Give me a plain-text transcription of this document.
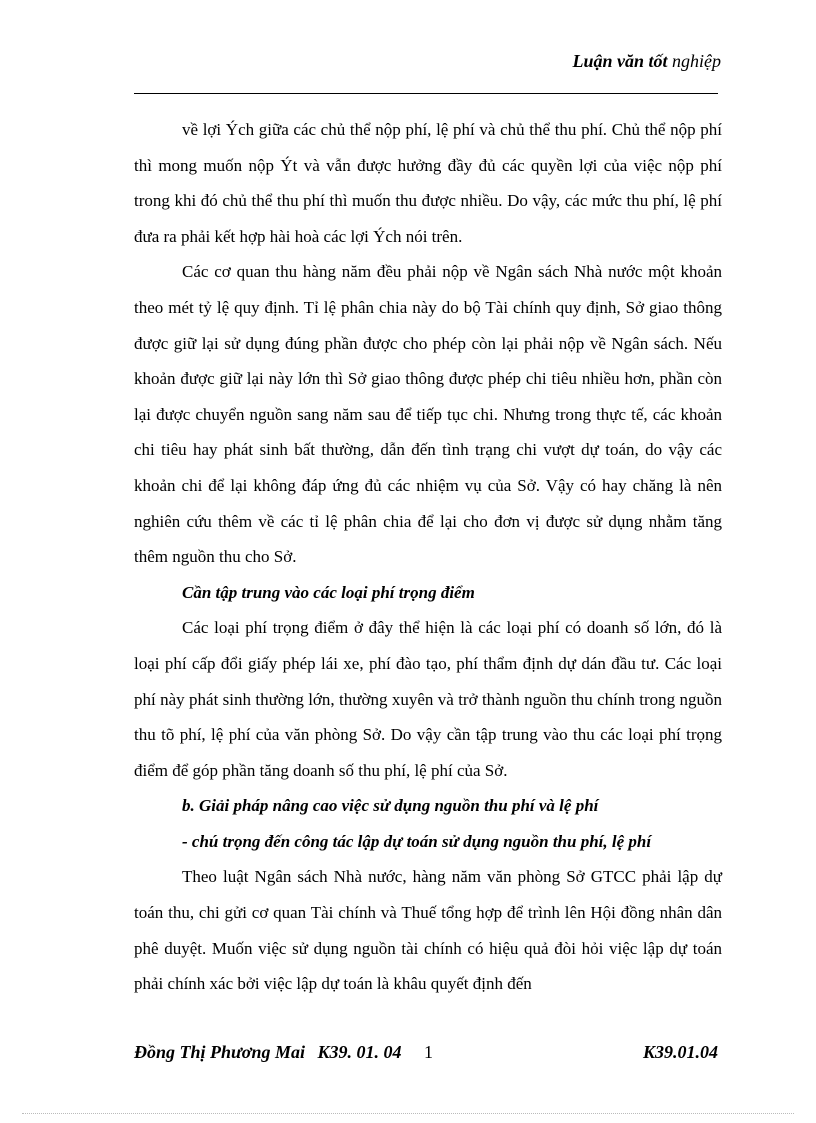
Luận văn tốt nghiệp

về lợi Ých giữa các chủ thể nộp phí, lệ phí và chủ thể thu phí. Chủ thể nộp phí thì mong muốn nộp Ýt và vẫn được hưởng đầy đủ các quyền lợi của việc nộp phí trong khi đó chủ thể thu phí thì muốn thu được nhiều. Do vậy, các mức thu phí, lệ phí đưa ra phải kết hợp hài hoà các lợi Ých nói trên.

Các cơ quan thu hàng năm đều phải nộp về Ngân sách Nhà nước một khoản theo mét tỷ lệ quy định. Tỉ lệ phân chia này do bộ Tài chính quy định, Sở giao thông được giữ lại sử dụng đúng phần được cho phép còn lại phải nộp về Ngân sách. Nếu khoản được giữ lại này lớn thì Sở giao thông được phép chi tiêu nhiều hơn, phần còn lại được chuyển nguồn sang năm sau để tiếp tục chi. Nhưng trong thực tế, các khoản chi tiêu hay phát sinh bất thường, dẫn đến tình trạng chi vượt dự toán, do vậy các khoản chi để lại không đáp ứng đủ các nhiệm vụ của Sở. Vậy có hay chăng là nên nghiên cứu thêm về các tỉ lệ phân chia để lại cho đơn vị được sử dụng nhằm tăng thêm nguồn thu cho Sở.

Cần tập trung vào các loại phí trọng điểm

Các loại phí trọng điểm ở đây thể hiện là các loại phí có doanh số lớn, đó là loại phí cấp đổi giấy phép lái xe, phí đào tạo, phí thẩm định dự dán đầu tư. Các loại phí này phát sinh thường lớn, thường xuyên và trở thành nguồn thu chính trong nguồn thu tõ phí, lệ phí của văn phòng Sở. Do vậy cần tập trung vào thu các loại phí trọng điểm để góp phần tăng doanh số thu phí, lệ phí của Sở.

b. Giải pháp nâng cao việc sử dụng nguồn thu phí và lệ phí

- chú trọng đến công tác lập dự toán sử dụng nguồn thu phí, lệ phí

Theo luật Ngân sách Nhà nước, hàng năm văn phòng Sở GTCC phải lập dự toán thu, chi gửi cơ quan Tài chính và Thuế tổng hợp để trình lên Hội đồng nhân dân phê duyệt. Muốn việc sử dụng nguồn tài chính có hiệu quả đòi hỏi việc lập dự toán phải chính xác bởi việc lập dự toán là khâu quyết định đến

Đồng Thị Phương Mai K39. 01. 04 1	K39.01.04
